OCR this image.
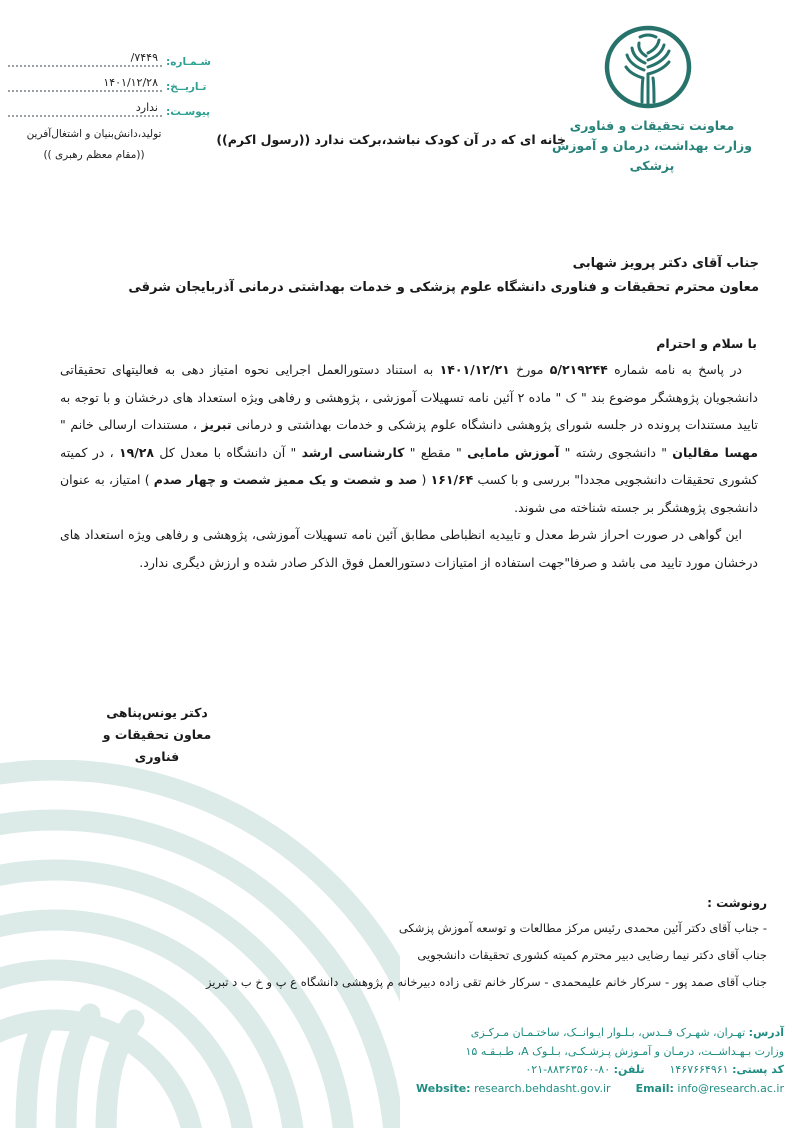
شـمـاره:
/۷۴۴۹
تـاریــخ:
۱۴۰۱/۱۲/۲۸
پیوسـت:
ندارد
تولید،دانش‌بنیان و اشتغال‌آفرین
((مقام معظم رهبری ))
معاونت تحقیقات و فناوری
وزارت بهداشت، درمان و آموزش پزشکی
خانه ای که در آن کودک نباشد،برکت ندارد ((رسول اکرم))
جناب آقای دکتر پرویز شهابی
معاون محترم تحقیقات و فناوری دانشگاه علوم پزشکی و خدمات بهداشتی درمانی آذربایجان شرقی
با سلام و احترام

در پاسخ به نامه شماره ۵/۲۱۹۲۴۴ مورخ ۱۴۰۱/۱۲/۲۱ به استناد دستورالعمل اجرایی نحوه امتیاز دهی به فعالیتهای تحقیقاتی دانشجویان پژوهشگر موضوع بند " ک " ماده ۲ آئین نامه تسهیلات آموزشی ، پژوهشی و رفاهی ویژه استعداد های درخشان و با توجه به تایید مستندات پرونده در جلسه شورای پژوهشی دانشگاه علوم پزشکی و خدمات بهداشتی و درمانی تبریز ، مستندات ارسالی خانم " مهسا مقالیان " دانشجوی رشته " آموزش مامایی " مقطع " کارشناسی ارشد " آن دانشگاه با معدل کل ۱۹/۲۸ ، در کمیته کشوری تحقیقات دانشجویی مجددا" بررسی و با کسب ۱۶۱/۶۴ ( صد و شصت و یک ممیز شصت و چهار صدم ) امتیاز، به عنوان دانشجوی پژوهشگر بر جسته شناخته می شوند.

این گواهی در صورت احراز شرط معدل و تاییدیه انظباطی مطابق آئین نامه تسهیلات آموزشی، پژوهشی و رفاهی ویژه استعداد های درخشان مورد تایید می باشد و صرفا"جهت استفاده از امتیازات دستورالعمل فوق الذکر صادر شده و ارزش دیگری ندارد.

دکتر یونس‌پناهی
معاون تحقیقات و فناوری
رونوشت :
- جناب آقای دکتر آئین محمدی رئیس مرکز مطالعات و توسعه آموزش پزشکی
جناب آقای دکتر نیما رضایی دبیر محترم کمیته کشوری تحقیقات دانشجویی
جناب آقای صمد پور - سرکار خانم علیمحمدی - سرکار خانم تقی زاده دبیرخانه م پژوهشی دانشگاه ع پ و خ ب د تبریز
آدرس: تهـران، شهـرک قــدس، بـلـوار ایـوانــک، ساختـمـان مـرکـزی
وزارت بـهـداشــت، درمـان و آمـوزش پـزشـکـی، بـلـوک A، طـبـقـه ۱۵
کد پستی: ۱۴۶۷۶۶۴۹۶۱  تلفن: ۰۲۱-۸۸۳۶۳۵۶۰-۸۰
Website: research.behdasht.gov.ir Email: info@research.ac.ir
